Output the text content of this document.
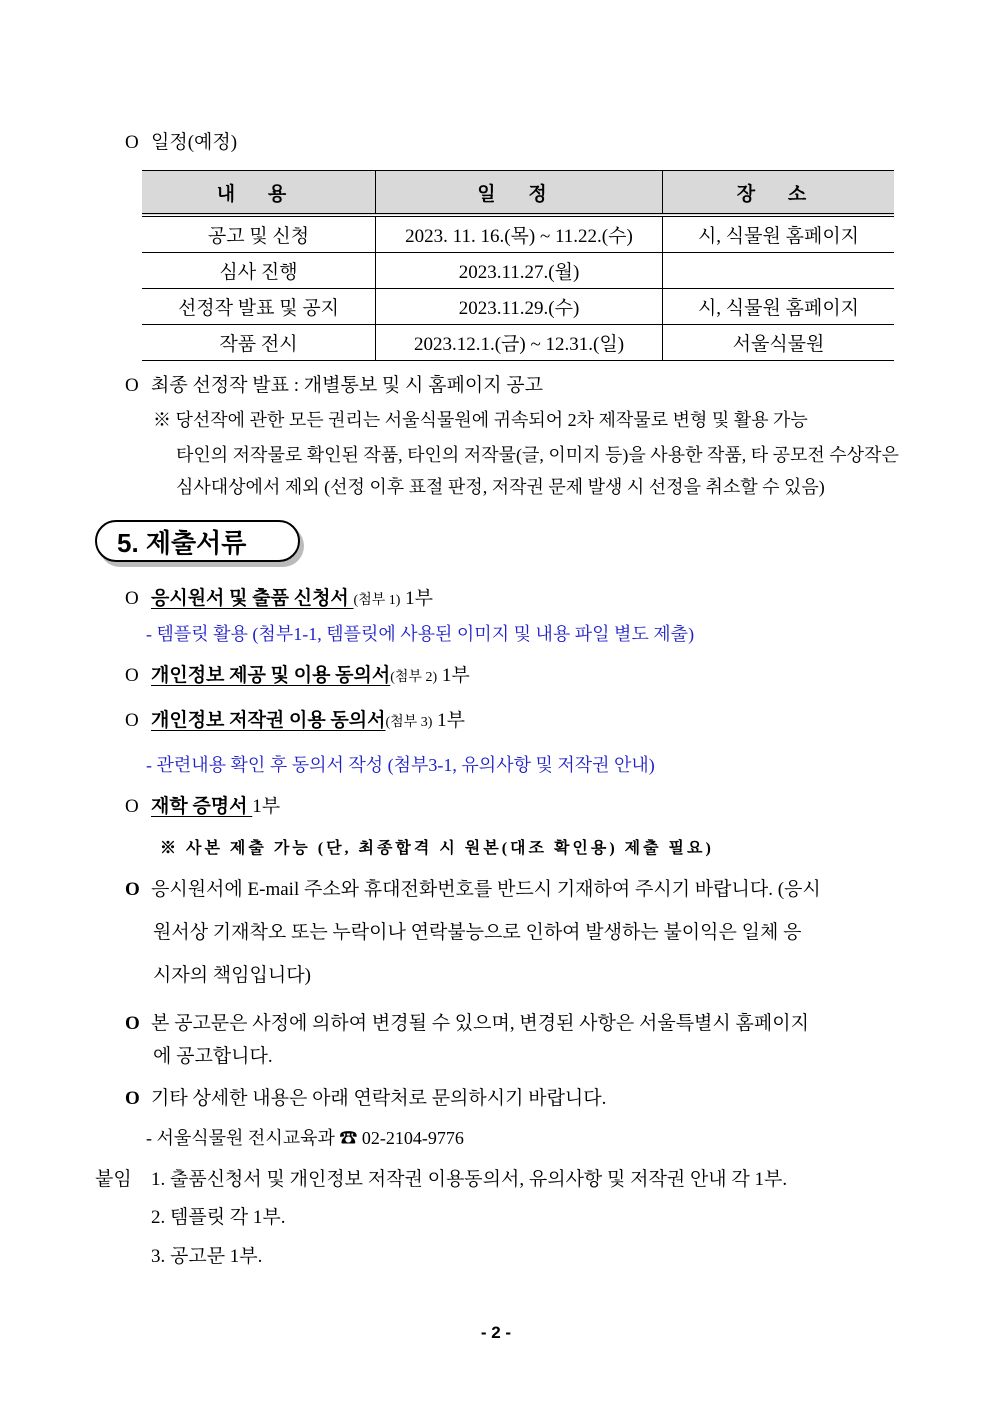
O 일정(예정)
내 용	일 정	장 소
공고 및 신청	2023. 11. 16.(목) ~ 11.22.(수)	시, 식물원 홈페이지
심사 진행	2023.11.27.(월)	
선정작 발표 및 공지	2023.11.29.(수)	시, 식물원 홈페이지
작품 전시	2023.12.1.(금) ~ 12.31.(일)	서울식물원
O 최종 선정작 발표 : 개별통보 및 시 홈페이지 공고
※ 당선작에 관한 모든 권리는 서울식물원에 귀속되어 2차 제작물로 변형 및 활용 가능
타인의 저작물로 확인된 작품, 타인의 저작물(글, 이미지 등)을 사용한 작품, 타 공모전 수상작은
심사대상에서 제외 (선정 이후 표절 판정, 저작권 문제 발생 시 선정을 취소할 수 있음)
5. 제출서류
O 응시원서 및 출품 신청서 (첨부 1) 1부
- 템플릿 활용 (첨부1-1, 템플릿에 사용된 이미지 및 내용 파일 별도 제출)
O 개인정보 제공 및 이용 동의서(첨부 2) 1부
O 개인정보 저작권 이용 동의서(첨부 3) 1부
- 관련내용 확인 후 동의서 작성 (첨부3-1, 유의사항 및 저작권 안내)
O 재학 증명서 1부
※ 사본 제출 가능 (단, 최종합격 시 원본(대조 확인용) 제출 필요)
O 응시원서에 E-mail 주소와 휴대전화번호를 반드시 기재하여 주시기 바랍니다. (응시
원서상 기재착오 또는 누락이나 연락불능으로 인하여 발생하는 불이익은 일체 응
시자의 책임입니다)
O 본 공고문은 사정에 의하여 변경될 수 있으며, 변경된 사항은 서울특별시 홈페이지
에 공고합니다.
O 기타 상세한 내용은 아래 연락처로 문의하시기 바랍니다.
- 서울식물원 전시교육과 ☎ 02-2104-9776
붙임 1. 출품신청서 및 개인정보 저작권 이용동의서, 유의사항 및 저작권 안내 각 1부.
2. 템플릿 각 1부.
3. 공고문 1부.
- 2 -
